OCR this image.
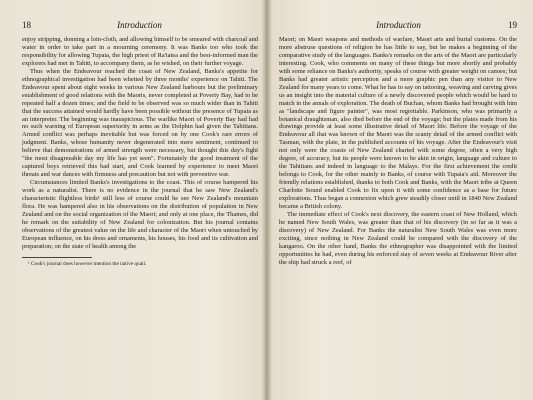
18	Introduction

enjoy stripping, donning a loin-cloth, and allowing himself to be smeared with charcoal and water in order to take part in a mourning ceremony. It was Banks too who took the responsibility for allowing Tupaia, the high priest of Ra'iatea and the best-informed man the explorers had met in Tahiti, to accompany them, as he wished, on their further voyage.

Thus when the Endeavour reached the coast of New Zealand, Banks's appetite for ethnographical investigation had been whetted by three months' experience on Tahiti. The Endeavour spent about eight weeks in various New Zealand harbours but the preliminary establishment of good relations with the Maoris, never completed at Poverty Bay, had to be repeated half a dozen times; and the field to be observed was so much wider than in Tahiti that the success attained would hardly have been possible without the presence of Tupaia as an interpreter. The beginning was inauspicious. The warlike Maori of Poverty Bay had had no such warning of European superiority in arms as the Dolphin had given the Tahitians. Armed conflict was perhaps inevitable but was forced on by one Cook's rare errors of judgment. Banks, whose humanity never degenerated into mere sentiment, continued to believe that demonstrations of armed strength were necessary, but thought this day's fight "the most disagreeable day my life has yet seen". Fortunately the good treatment of the captured boys retrieved this bad start, and Cook learned by experience to meet Maori threats and war dances with firmness and precaution but not with preventive war.

Circumstances limited Banks's investigations to the coast. This of course hampered his work as a naturalist. There is no evidence in the journal that he saw New Zealand's characteristic flightless birds¹ still less of course could he see New Zealand's mountain flora. He was hampered also in his observations on the distribution of population in New Zealand and on the social organization of the Maori; and only at one place, the Thames, did he remark on the suitability of New Zealand for colonization. But his journal contains observations of the greatest value on the life and character of the Maori when untouched by European influence, on his dress and ornaments, his houses, his food and its cultivation and preparation; on the state of health among the

¹ Cook's journal does however mention the native quail.
Introduction	19

Maori; on Maori weapons and methods of warfare, Maori arts and burial customs. On the more abstruse questions of religion he has little to say, but he makes a beginning of the comparative study of the languages. Banks's remarks on the arts of the Maori are particularly interesting. Cook, who comments on many of these things but more shortly and probably with some reliance on Banks's authority, speaks of course with greater weight on canoes; but Banks had greater artistic perception and a more graphic pen than any visitor to New Zealand for many years to come. What he has to say on tattooing, weaving and carving gives us an insight into the material culture of a newly discovered people which would be hard to match in the annals of exploration. The death of Buchan, whom Banks had brought with him as "landscape and figure painter", was most regrettable. Parkinson, who was primarily a botanical draughtsman, also died before the end of the voyage; but the plates made from his drawings provide at least some illustrative detail of Maori life. Before the voyage of the Endeavour all that was known of the Maori was the scanty detail of the armed conflict with Tasman, with the plate, in the published accounts of his voyage. After the Endeavour's visit not only were the coasts of New Zealand charted with some degree, often a very high degree, of accuracy, but its people were known to be akin in origin, language and culture to the Tahitians and indeed in language to the Malays. For the first achievement the credit belongs to Cook, for the other mainly to Banks, of course with Tupaia's aid. Moreover the friendly relations established, thanks to both Cook and Banks, with the Maori tribe at Queen Charlotte Sound enabled Cook to fix upon it with some confidence as a base for future explorations. Thus began a connexion which grew steadily closer until in 1840 New Zealand became a British colony.

The immediate effect of Cook's next discovery, the eastern coast of New Holland, which he named New South Wales, was greater than that of his discovery (in so far as it was a discovery) of New Zealand. For Banks the naturalist New South Wales was even more exciting, since nothing in New Zealand could be compared with the discovery of the kangaroo. On the other hand, Banks the ethnographer was disappointed with the limited opportunities he had, even during his enforced stay of seven weeks at Endeavour River after the ship had struck a reef, of
